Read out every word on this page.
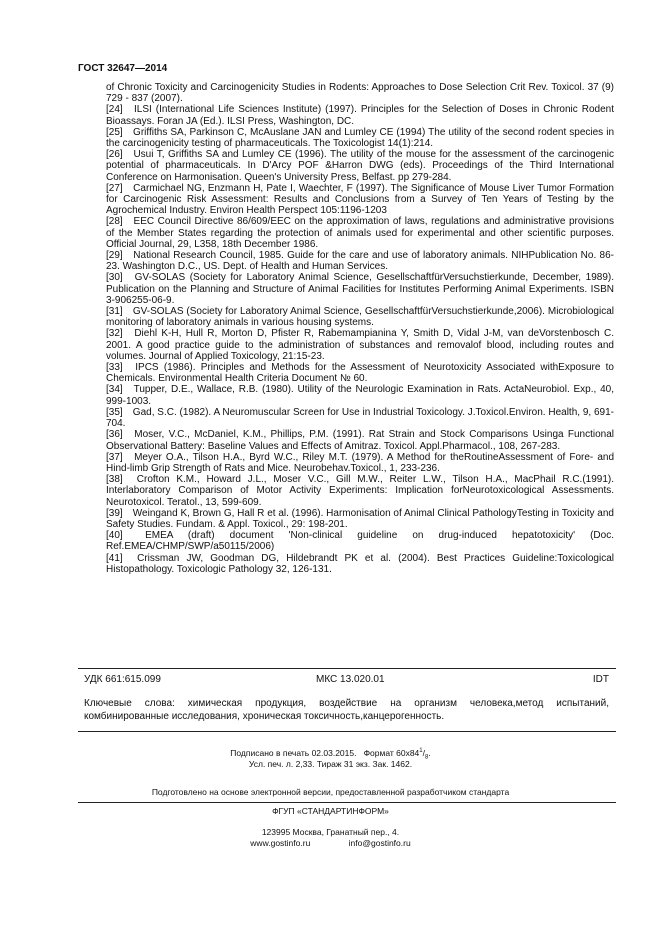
ГОСТ 32647—2014

of Chronic Toxicity and Carcinogenicity Studies in Rodents: Approaches to Dose Selection Crit Rev. Toxicol. 37 (9) 729 - 837 (2007).

[24] ILSI (International Life Sciences Institute) (1997). Principles for the Selection of Doses in Chronic Rodent Bioassays. Foran JA (Ed.). ILSI Press, Washington, DC.

[25] Griffiths SA, Parkinson C, McAuslane JAN and Lumley CE (1994) The utility of the second rodent species in the carcinogenicity testing of pharmaceuticals. The Toxicologist 14(1):214.

[26] Usui T, Griffiths SA and Lumley CE (1996). The utility of the mouse for the assessment of the carcinogenic potential of pharmaceuticals. In D'Arcy POF &Harron DWG (eds). Proceedings of the Third International Conference on Harmonisation. Queen's University Press, Belfast. pp 279-284.

[27] Carmichael NG, Enzmann H, Pate I, Waechter, F (1997). The Significance of Mouse Liver Tumor Formation for Carcinogenic Risk Assessment: Results and Conclusions from a Survey of Ten Years of Testing by the Agrochemical Industry. Environ Health Perspect 105:1196-1203

[28] EEC Council Directive 86/609/EEC on the approximation of laws, regulations and administrative provisions of the Member States regarding the protection of animals used for experimental and other scientific purposes. Official Journal, 29, L358, 18th December 1986.

[29] National Research Council, 1985. Guide for the care and use of laboratory animals. NIHPublication No. 86-23. Washington D.C., US. Dept. of Health and Human Services.

[30] GV-SOLAS (Society for Laboratory Animal Science, GesellschaftfürVersuchstierkunde, December, 1989). Publication on the Planning and Structure of Animal Facilities for Institutes Performing Animal Experiments. ISBN 3-906255-06-9.

[31] GV-SOLAS (Society for Laboratory Animal Science, GesellschaftfürVersuchstierkunde,2006). Microbiological monitoring of laboratory animals in various housing systems.

[32] Diehl K-H, Hull R, Morton D, Pfister R, Rabemampianina Y, Smith D, Vidal J-M, van deVorstenbosch C. 2001. A good practice guide to the administration of substances and removalof blood, including routes and volumes. Journal of Applied Toxicology, 21:15-23.

[33] IPCS (1986). Principles and Methods for the Assessment of Neurotoxicity Associated withExposure to Chemicals. Environmental Health Criteria Document № 60.

[34] Tupper, D.E., Wallace, R.B. (1980). Utility of the Neurologic Examination in Rats. ActaNeurobiol. Exp., 40, 999-1003.

[35] Gad, S.C. (1982). A Neuromuscular Screen for Use in Industrial Toxicology. J.Toxicol.Environ. Health, 9, 691-704.

[36] Moser, V.C., McDaniel, K.M., Phillips, P.M. (1991). Rat Strain and Stock Comparisons Usinga Functional Observational Battery: Baseline Values and Effects of Amitraz. Toxicol. Appl.Pharmacol., 108, 267-283.

[37] Meyer O.A., Tilson H.A., Byrd W.C., Riley M.T. (1979). A Method for theRoutineAssessment of Fore- and Hind-limb Grip Strength of Rats and Mice. Neurobehav.Toxicol., 1, 233-236.

[38] Crofton K.M., Howard J.L., Moser V.C., Gill M.W., Reiter L.W., Tilson H.A., MacPhail R.C.(1991). Interlaboratory Comparison of Motor Activity Experiments: Implication forNeurotoxicological Assessments. Neurotoxicol. Teratol., 13, 599-609.

[39] Weingand K, Brown G, Hall R et al. (1996). Harmonisation of Animal Clinical PathologyTesting in Toxicity and Safety Studies. Fundam. & Appl. Toxicol., 29: 198-201.

[40] EMEA (draft) document 'Non-clinical guideline on drug-induced hepatotoxicity' (Doc. Ref.EMEA/CHMP/SWP/a50115/2006)

[41] Crissman JW, Goodman DG, Hildebrandt PK et al. (2004). Best Practices Guideline:Toxicological Histopathology. Toxicologic Pathology 32, 126-131.

УДК 661:615.099	МКС 13.020.01	IDT
Ключевые слова: химическая продукция, воздействие на организм человека,метод испытаний, комбинированные исследования, хроническая токсичность,канцерогенность.
Подписано в печать 02.03.2015. Формат $60x84^1/_8$.
Усл. печ. л. 2,33. Тираж 31 экз. Зак. 1462.
Подготовлено на основе электронной версии, предоставленной разработчиком стандарта
ФГУП «СТАНДАРТИНФОРМ»
123995 Москва, Гранатный пер., 4.
www.gostinfo.ru	info@gostinfo.ru
